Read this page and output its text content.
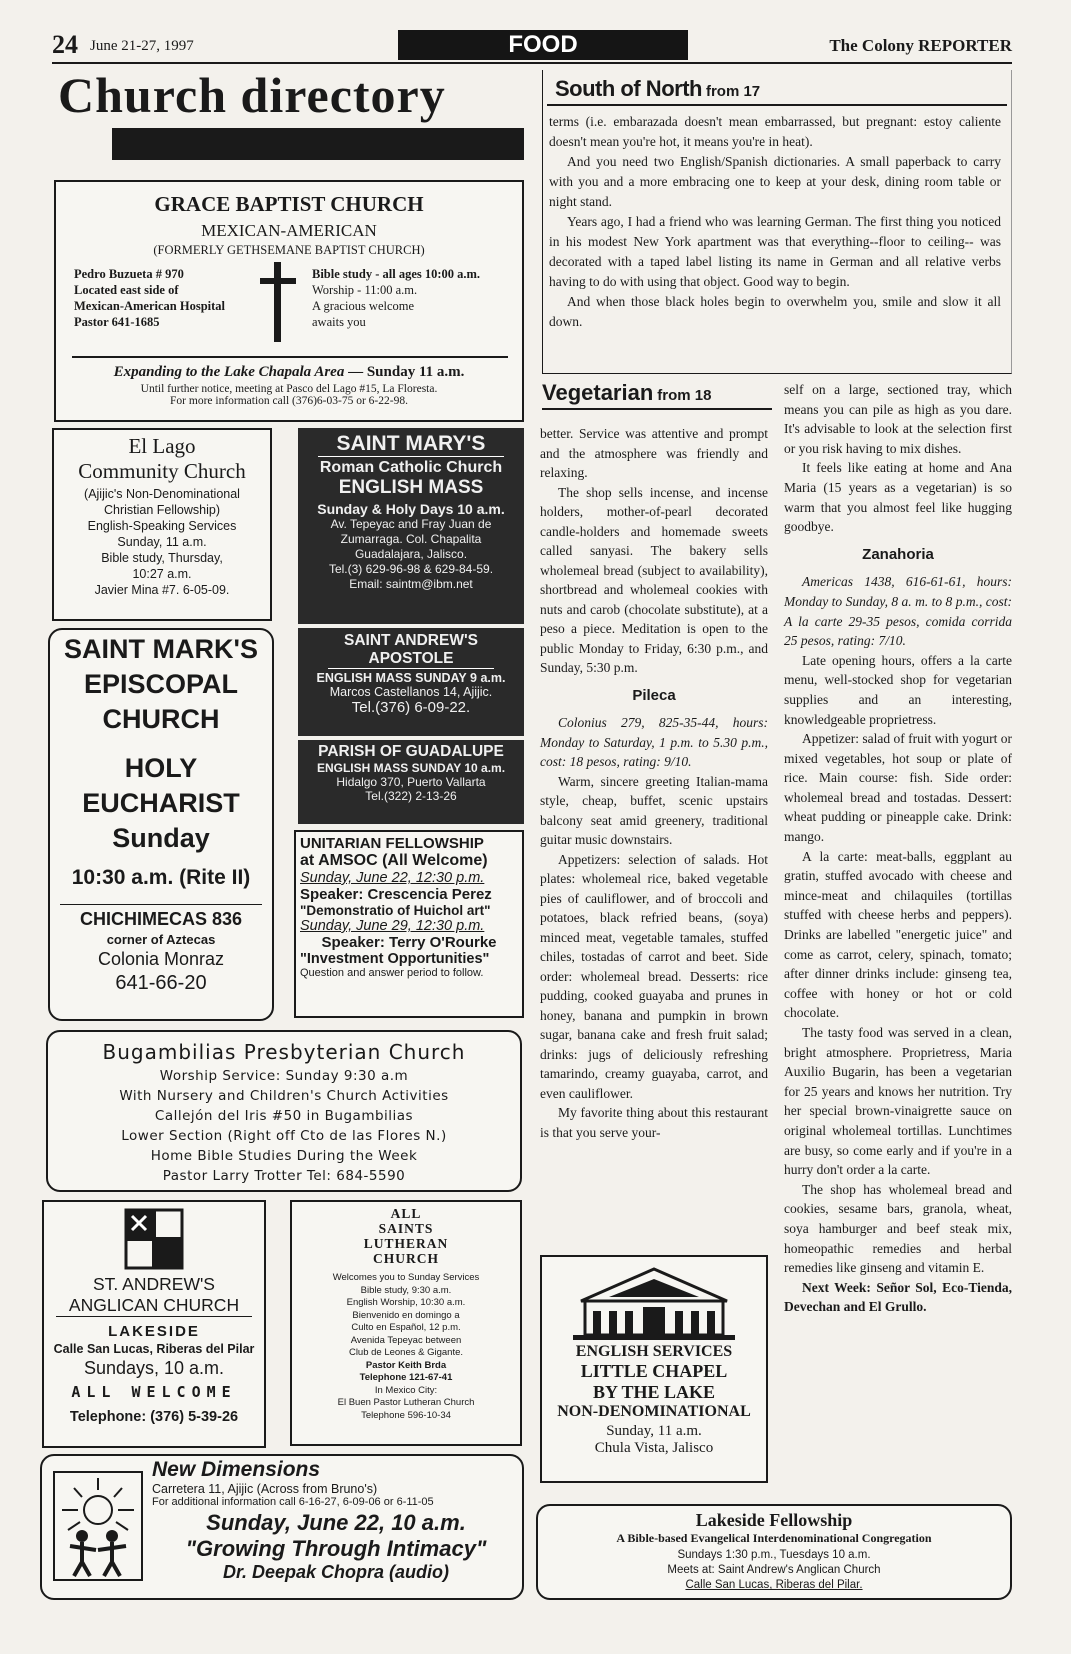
24 June 21-27, 1997	FOOD	The Colony REPORTER
Church directory
GRACE BAPTIST CHURCH
MEXICAN-AMERICAN
(FORMERLY GETHSEMANE BAPTIST CHURCH)
Pedro Buzueta # 970
Located east side of
Mexican-American Hospital
Pastor 641-1685
Bible study - all ages 10:00 a.m.
Worship - 11:00 a.m.
A gracious welcome
awaits you
Expanding to the Lake Chapala Area — Sunday 11 a.m.
Until further notice, meeting at Pasco del Lago #15, La Floresta.
For more information call (376)6-03-75 or 6-22-98.
El Lago
Community Church
(Ajijic's Non-Denominational
Christian Fellowship)
English-Speaking Services
Sunday, 11 a.m.
Bible study, Thursday,
10:27 a.m.
Javier Mina #7. 6-05-09.
SAINT MARY'S
Roman Catholic Church
ENGLISH MASS
Sunday & Holy Days 10 a.m.
Av. Tepeyac and Fray Juan de
Zumarraga. Col. Chapalita
Guadalajara, Jalisco.
Tel.(3) 629-96-98 & 629-84-59.
Email: saintm@ibm.net
SAINT ANDREW'S
APOSTOLE
ENGLISH MASS SUNDAY 9 a.m.
Marcos Castellanos 14, Ajijic.
Tel.(376) 6-09-22.
PARISH OF GUADALUPE
ENGLISH MASS SUNDAY 10 a.m.
Hidalgo 370, Puerto Vallarta
Tel.(322) 2-13-26
SAINT MARK'S
EPISCOPAL
CHURCH
HOLY
EUCHARIST
Sunday
10:30 a.m. (Rite II)
CHICHIMECAS 836
corner of Aztecas
Colonia Monraz
641-66-20
UNITARIAN FELLOWSHIP
at AMSOC (All Welcome)
Sunday, June 22, 12:30 p.m.
Speaker: Crescencia Perez
"Demonstratio of Huichol art"
Sunday, June 29, 12:30 p.m.
Speaker: Terry O'Rourke
"Investment Opportunities"
Question and answer period to follow.
Bugambilias Presbyterian Church
Worship Service: Sunday 9:30 a.m
With Nursery and Children's Church Activities
Callejón del Iris #50 in Bugambilias
Lower Section (Right off Cto de las Flores N.)
Home Bible Studies During the Week
Pastor Larry Trotter Tel: 684-5590
ST. ANDREW'S
ANGLICAN CHURCH
LAKESIDE
Calle San Lucas, Riberas del Pilar
Sundays, 10 a.m.
ALL WELCOME
Telephone: (376) 5-39-26
ALL
SAINTS
LUTHERAN
CHURCH
Welcomes you to Sunday Services
Bible study, 9:30 a.m.
English Worship, 10:30 a.m.
Bienvenido en domingo a
Culto en Español, 12 p.m.
Avenida Tepeyac between
Club de Leones & Gigante.
Pastor Keith Brda
Telephone 121-67-41
In Mexico City:
El Buen Pastor Lutheran Church
Telephone 596-10-34
New Dimensions
Carretera 11, Ajijic (Across from Bruno's)
For additional information call 6-16-27, 6-09-06 or 6-11-05
Sunday, June 22, 10 a.m.
"Growing Through Intimacy"
Dr. Deepak Chopra (audio)
South of North from 17

terms (i.e. embarazada doesn't mean embarrassed, but pregnant: estoy caliente doesn't mean you're hot, it means you're in heat).

And you need two English/Spanish dictionaries. A small paperback to carry with you and a more embracing one to keep at your desk, dining room table or night stand.

Years ago, I had a friend who was learning German. The first thing you noticed in his modest New York apartment was that everything--floor to ceiling-- was decorated with a taped label listing its name in German and all relative verbs having to do with using that object. Good way to begin.

And when those black holes begin to overwhelm you, smile and slow it all down.

Vegetarian from 18

better. Service was attentive and prompt and the atmosphere was friendly and relaxing.

The shop sells incense, and incense holders, mother-of-pearl decorated candle-holders and homemade sweets called sanyasi. The bakery sells wholemeal bread (subject to availability), shortbread and wholemeal cookies with nuts and carob (chocolate substitute), at a peso a piece. Meditation is open to the public Monday to Friday, 6:30 p.m., and Sunday, 5:30 p.m.

Pileca

Colonius 279, 825-35-44, hours: Monday to Saturday, 1 p.m. to 5.30 p.m., cost: 18 pesos, rating: 9/10.

Warm, sincere greeting Italian-mama style, cheap, buffet, scenic upstairs balcony seat amid greenery, traditional guitar music downstairs.

Appetizers: selection of salads. Hot plates: wholemeal rice, baked vegetable pies of cauliflower, and of broccoli and potatoes, black refried beans, (soya) minced meat, vegetable tamales, stuffed chiles, tostadas of carrot and beet. Side order: wholemeal bread. Desserts: rice pudding, cooked guayaba and prunes in honey, banana and pumpkin in brown sugar, banana cake and fresh fruit salad; drinks: jugs of deliciously refreshing tamarindo, creamy guayaba, carrot, and even cauliflower.

My favorite thing about this restaurant is that you serve your-

self on a large, sectioned tray, which means you can pile as high as you dare. It's advisable to look at the selection first or you risk having to mix dishes.

It feels like eating at home and Ana Maria (15 years as a vegetarian) is so warm that you almost feel like hugging goodbye.

Zanahoria

Americas 1438, 616-61-61, hours: Monday to Sunday, 8 a. m. to 8 p.m., cost: A la carte 29-35 pesos, comida corrida 25 pesos, rating: 7/10.

Late opening hours, offers a la carte menu, well-stocked shop for vegetarian supplies and an interesting, knowledgeable proprietress.

Appetizer: salad of fruit with yogurt or mixed vegetables, hot soup or plate of rice. Main course: fish. Side order: wholemeal bread and tostadas. Dessert: wheat pudding or pineapple cake. Drink: mango.

A la carte: meat-balls, eggplant au gratin, stuffed avocado with cheese and mince-meat and chilaquiles (tortillas stuffed with cheese herbs and peppers). Drinks are labelled "energetic juice" and come as carrot, celery, spinach, tomato; after dinner drinks include: ginseng tea, coffee with honey or hot or cold chocolate.

The tasty food was served in a clean, bright atmosphere. Proprietress, Maria Auxilio Bugarin, has been a vegetarian for 25 years and knows her nutrition. Try her special brown-vinaigrette sauce on original wholemeal tortillas. Lunchtimes are busy, so come early and if you're in a hurry don't order a la carte.

The shop has wholemeal bread and cookies, sesame bars, granola, wheat, soya hamburger and beef steak mix, homeopathic remedies and herbal remedies like ginseng and vitamin E.

Next Week: Señor Sol, Eco-Tienda, Devechan and El Grullo.

ENGLISH SERVICES
LITTLE CHAPEL
BY THE LAKE
NON-DENOMINATIONAL
Sunday, 11 a.m.
Chula Vista, Jalisco
Lakeside Fellowship
A Bible-based Evangelical Interdenominational Congregation
Sundays 1:30 p.m., Tuesdays 10 a.m.
Meets at: Saint Andrew's Anglican Church
Calle San Lucas, Riberas del Pilar.
